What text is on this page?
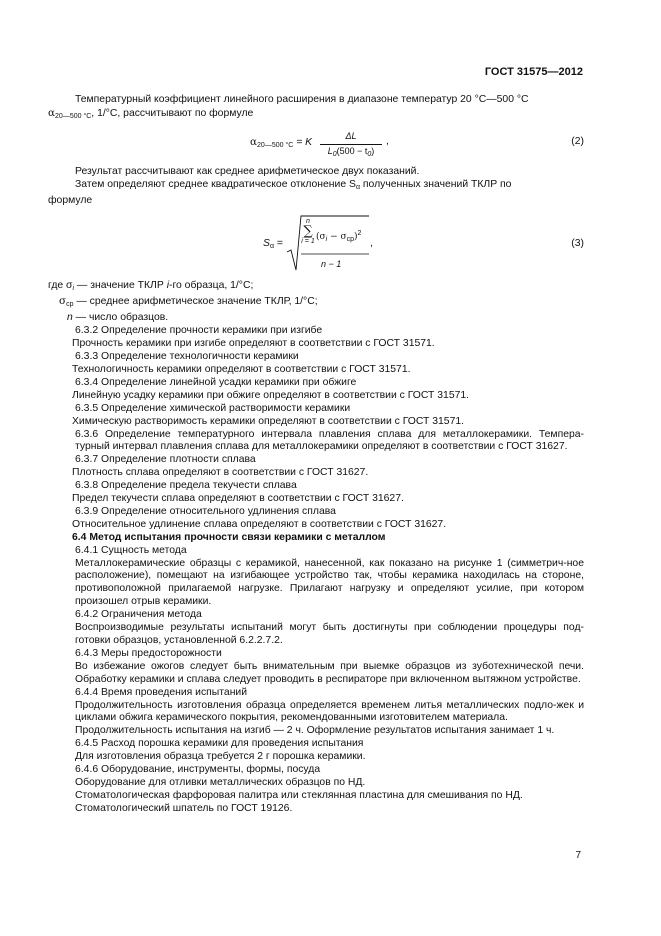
ГОСТ 31575—2012

Температурный коэффициент линейного расширения в диапазоне температур 20 °С—500 °С

$\alpha_{20—500 ^\circ С}$, 1/°С, рассчитывают по формуле

$\alpha_{20—500 ^\circ С} = K$
ΔL
$L_0(500 - t_0)$
,	(2)

Результат рассчитывают как среднее арифметическое двух показаний.

Затем определяют среднее квадратическое отклонение $S_\alpha$ полученных значений ТКЛР по

формуле

$S_\alpha$ =
n
∑
i = 1 $(\sigma_i - \sigma_{ср})^2$
n − 1
,	(3)

где $\sigma_i$ — значение ТКЛР i-го образца, 1/°С;

$\sigma_{ср}$ — среднее арифметическое значение ТКЛР, 1/°С;

n — число образцов.

6.3.2 Определение прочности керамики при изгибе

Прочность керамики при изгибе определяют в соответствии с ГОСТ 31571.

6.3.3 Определение технологичности керамики

Технологичность керамики определяют в соответствии с ГОСТ 31571.

6.3.4 Определение линейной усадки керамики при обжиге

Линейную усадку керамики при обжиге определяют в соответствии с ГОСТ 31571.

6.3.5 Определение химической растворимости керамики

Химическую растворимость керамики определяют в соответствии с ГОСТ 31571.

6.3.6 Определение температурного интервала плавления сплава для металлокерамики. Темпера-турный интервал плавления сплава для металлокерамики определяют в соответствии с ГОСТ 31627.

6.3.7 Определение плотности сплава

Плотность сплава определяют в соответствии с ГОСТ 31627.

6.3.8 Определение предела текучести сплава

Предел текучести сплава определяют в соответствии с ГОСТ 31627.

6.3.9 Определение относительного удлинения сплава

Относительное удлинение сплава определяют в соответствии с ГОСТ 31627.

6.4 Метод испытания прочности связи керамики с металлом

6.4.1 Сущность метода

Металлокерамические образцы с керамикой, нанесенной, как показано на рисунке 1 (симметрич-ное расположение), помещают на изгибающее устройство так, чтобы керамика находилась на стороне, противоположной прилагаемой нагрузке. Прилагают нагрузку и определяют усилие, при котором произошел отрыв керамики.

6.4.2 Ограничения метода

Воспроизводимые результаты испытаний могут быть достигнуты при соблюдении процедуры под-готовки образцов, установленной 6.2.2.7.2.

6.4.3 Меры предосторожности

Во избежание ожогов следует быть внимательным при выемке образцов из зуботехнической печи. Обработку керамики и сплава следует проводить в респираторе при включенном вытяжном устройстве.

6.4.4 Время проведения испытаний

Продолжительность изготовления образца определяется временем литья металлических подло-жек и циклами обжига керамического покрытия, рекомендованными изготовителем материала.

Продолжительность испытания на изгиб — 2 ч. Оформление результатов испытания занимает 1 ч.

6.4.5 Расход порошка керамики для проведения испытания

Для изготовления образца требуется 2 г порошка керамики.

6.4.6 Оборудование, инструменты, формы, посуда

Оборудование для отливки металлических образцов по НД.

Стоматологическая фарфоровая палитра или стеклянная пластина для смешивания по НД.

Стоматологический шпатель по ГОСТ 19126.

7
